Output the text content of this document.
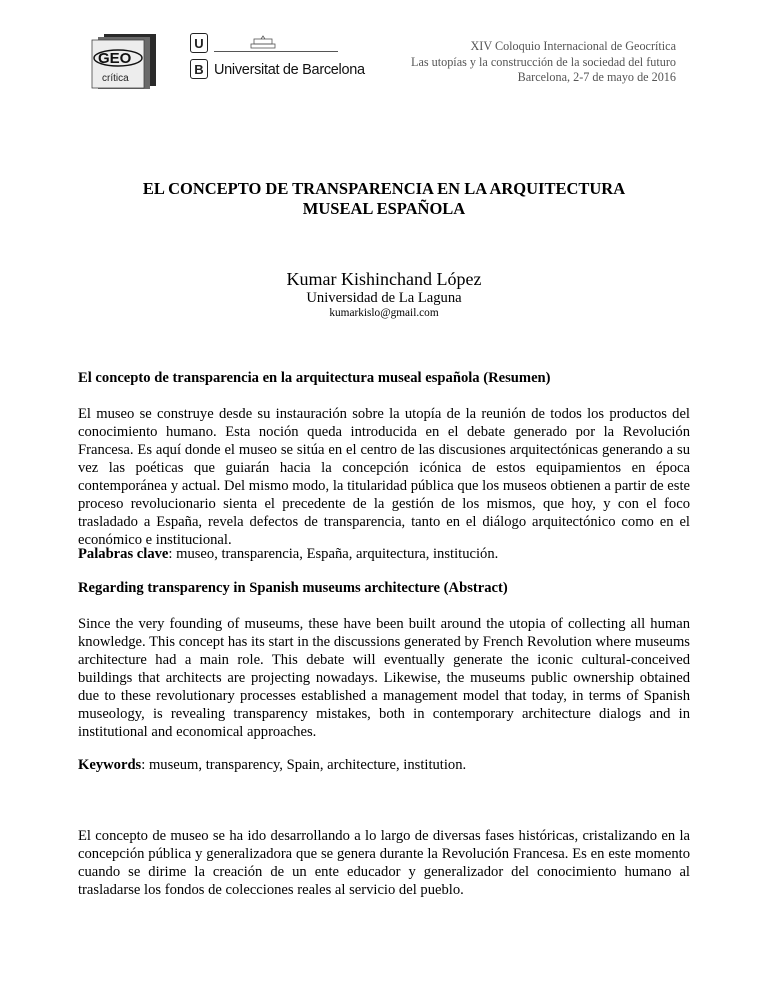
GEO
crítica
U
B Universitat de Barcelona
XIV Coloquio Internacional de Geocrítica
Las utopías y la construcción de la sociedad del futuro
Barcelona, 2-7 de mayo de 2016
EL CONCEPTO DE TRANSPARENCIA EN LA ARQUITECTURA
MUSEAL ESPAÑOLA
Kumar Kishinchand López
Universidad de La Laguna
kumarkislo@gmail.com
El concepto de transparencia en la arquitectura museal española (Resumen)

El museo se construye desde su instauración sobre la utopía de la reunión de todos los productos del conocimiento humano. Esta noción queda introducida en el debate generado por la Revolución Francesa. Es aquí donde el museo se sitúa en el centro de las discusiones arquitectónicas generando a su vez las poéticas que guiarán hacia la concepción icónica de estos equipamientos en época contemporánea y actual. Del mismo modo, la titularidad pública que los museos obtienen a partir de este proceso revolucionario sienta el precedente de la gestión de los mismos, que hoy, y con el foco trasladado a España, revela defectos de transparencia, tanto en el diálogo arquitectónico como en el económico e institucional.

Palabras clave: museo, transparencia, España, arquitectura, institución.
Regarding transparency in Spanish museums architecture (Abstract)

Since the very founding of museums, these have been built around the utopia of collecting all human knowledge. This concept has its start in the discussions generated by French Revolution where museums architecture had a main role. This debate will eventually generate the iconic cultural-conceived buildings that architects are projecting nowadays. Likewise, the museums public ownership obtained due to these revolutionary processes established a management model that today, in terms of Spanish museology, is revealing transparency mistakes, both in contemporary architecture dialogs and in institutional and economical approaches.

Keywords: museum, transparency, Spain, architecture, institution.

El concepto de museo se ha ido desarrollando a lo largo de diversas fases históricas, cristalizando en la concepción pública y generalizadora que se genera durante la Revolución Francesa. Es en este momento cuando se dirime la creación de un ente educador y generalizador del conocimiento humano al trasladarse los fondos de colecciones reales al servicio del pueblo.
